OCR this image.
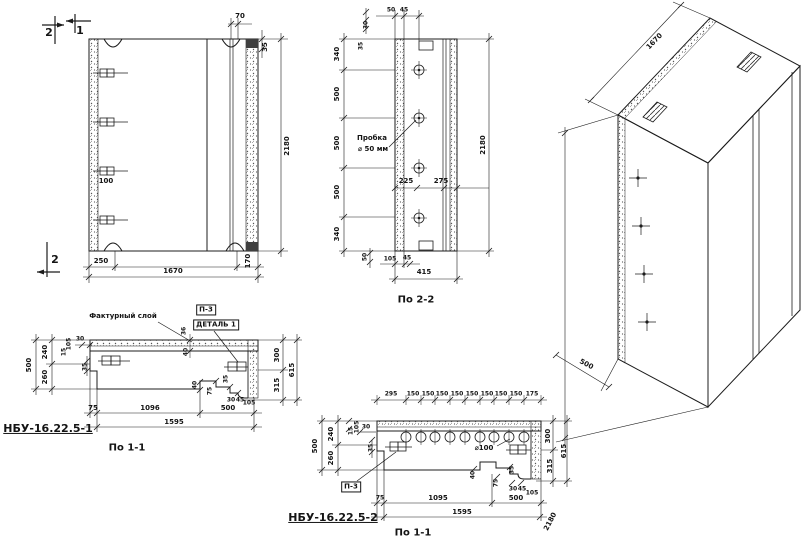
2 1
2
100
250
1670
170
2180
70
35	340
500
500
500
340
2180
Пробка
⌀ 50 мм
225	275
50	105 45
415
По 2-2
30
35
50 45
1670
2180
500
Фактурный слой
П-3
ДЕТАЛЬ 1
36
40
500
240
260
15
105 30
35
300
315
615
40
75
35
30 45
105
75	1096	500
1595
НБУ-16.22.5-1
По 1-1
295 150 150 150 150 150 150 150 150 175
⌀100
П-3
500
240
260
15 105 30
35
300
315
615
40
75
35
30 45
105
75	1095	500
1595
НБУ-16.22.5-2
По 1-1
